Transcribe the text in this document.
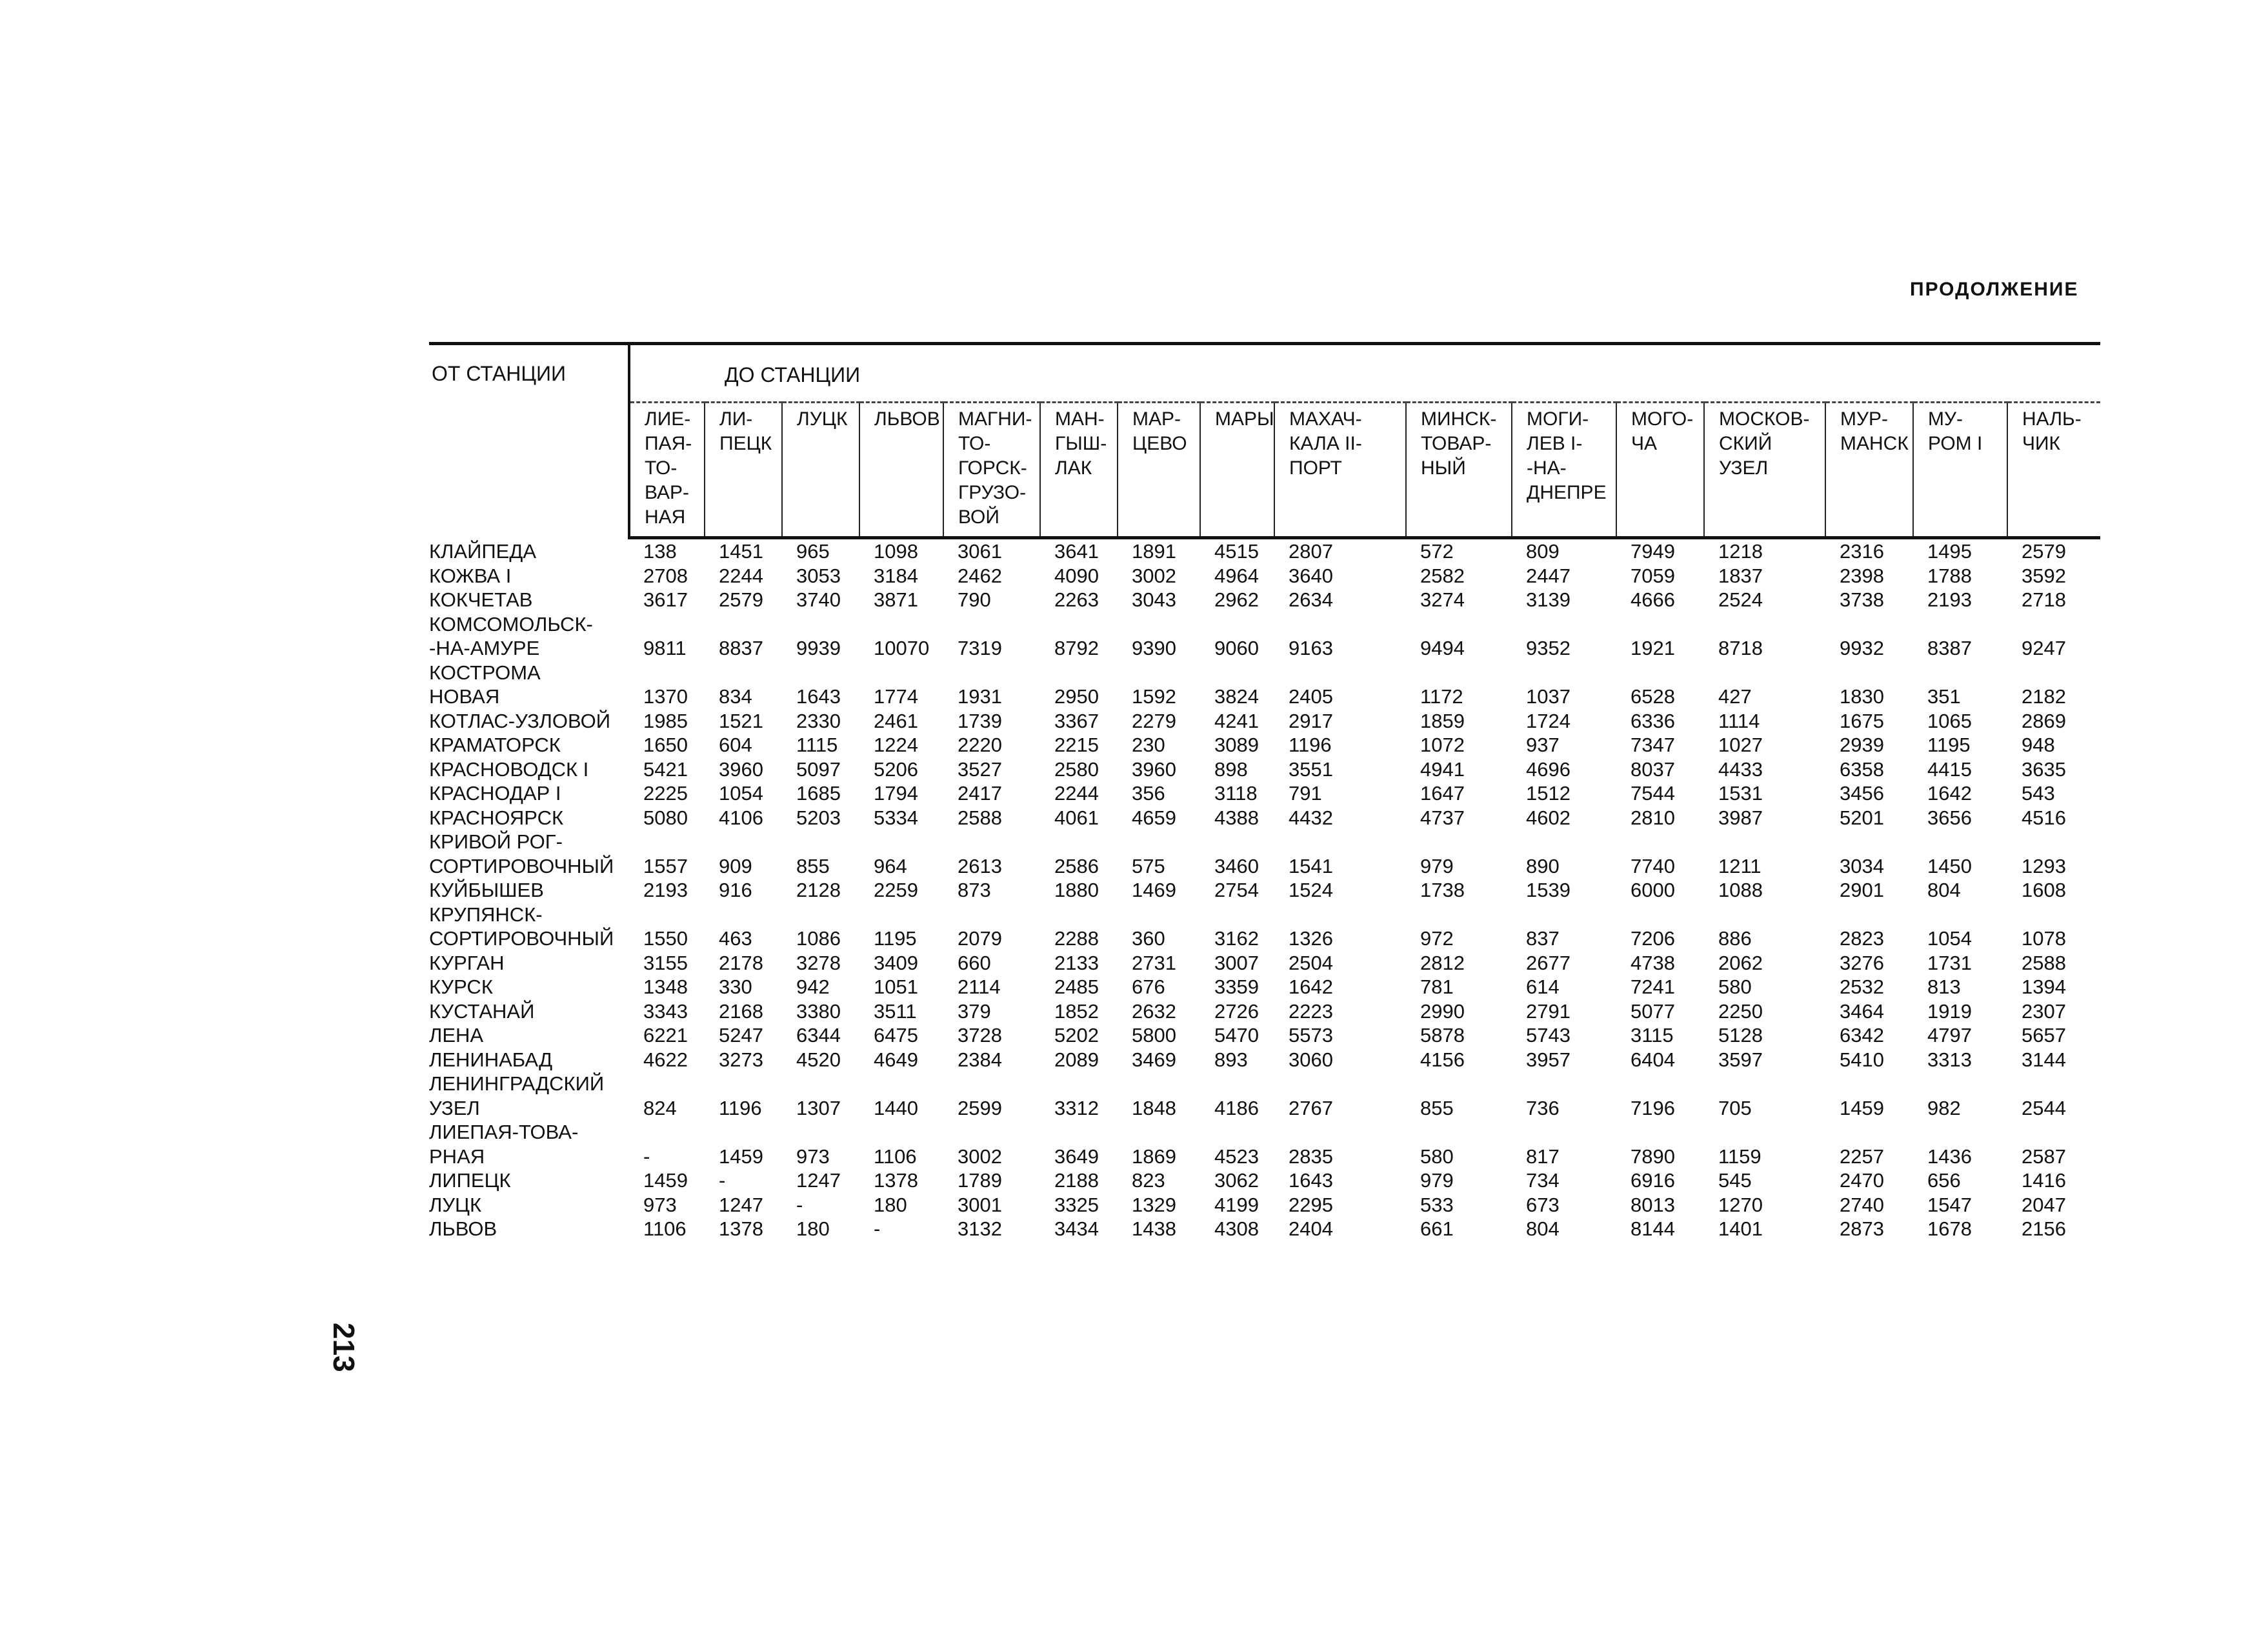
ПРОДОЛЖЕНИЕ
213
ОТ СТАНЦИИ	ДО СТАНЦИИ															
	ЛИЕ-
ПАЯ-
ТО-
ВАР-
НАЯ	ЛИ-
ПЕЦК	ЛУЦК	ЛЬВОВ	МАГНИ-
ТО-
ГОРСК-
ГРУЗО-
ВОЙ	МАН-
ГЫШ-
ЛАК	МАР-
ЦЕВО	МАРЫ	МАХАЧ-
КАЛА II-
ПОРТ	МИНСК-
ТОВАР-
НЫЙ	МОГИ-
ЛЕВ I-
-НА-
ДНЕПРЕ	МОГО-
ЧА	МОСКОВ-
СКИЙ
УЗЕЛ	МУР-
МАНСК	МУ-
РОМ I	НАЛЬ-
ЧИК
КЛАЙПЕДА	138	1451	965	1098	3061	3641	1891	4515	2807	572	809	7949	1218	2316	1495	2579
КОЖВА I	2708	2244	3053	3184	2462	4090	3002	4964	3640	2582	2447	7059	1837	2398	1788	3592
КОКЧЕТАВ	3617	2579	3740	3871	790	2263	3043	2962	2634	3274	3139	4666	2524	3738	2193	2718
КОМСОМОЛЬСК-																
-НА-АМУРЕ	9811	8837	9939	10070	7319	8792	9390	9060	9163	9494	9352	1921	8718	9932	8387	9247
КОСТРОМА																
НОВАЯ	1370	834	1643	1774	1931	2950	1592	3824	2405	1172	1037	6528	427	1830	351	2182
КОТЛАС-УЗЛОВОЙ	1985	1521	2330	2461	1739	3367	2279	4241	2917	1859	1724	6336	1114	1675	1065	2869
КРАМАТОРСК	1650	604	1115	1224	2220	2215	230	3089	1196	1072	937	7347	1027	2939	1195	948
КРАСНОВОДСК I	5421	3960	5097	5206	3527	2580	3960	898	3551	4941	4696	8037	4433	6358	4415	3635
КРАСНОДАР I	2225	1054	1685	1794	2417	2244	356	3118	791	1647	1512	7544	1531	3456	1642	543
КРАСНОЯРСК	5080	4106	5203	5334	2588	4061	4659	4388	4432	4737	4602	2810	3987	5201	3656	4516
КРИВОЙ РОГ-																
СОРТИРОВОЧНЫЙ	1557	909	855	964	2613	2586	575	3460	1541	979	890	7740	1211	3034	1450	1293
КУЙБЫШЕВ	2193	916	2128	2259	873	1880	1469	2754	1524	1738	1539	6000	1088	2901	804	1608
КРУПЯНСК-																
СОРТИРОВОЧНЫЙ	1550	463	1086	1195	2079	2288	360	3162	1326	972	837	7206	886	2823	1054	1078
КУРГАН	3155	2178	3278	3409	660	2133	2731	3007	2504	2812	2677	4738	2062	3276	1731	2588
КУРСК	1348	330	942	1051	2114	2485	676	3359	1642	781	614	7241	580	2532	813	1394
КУСТАНАЙ	3343	2168	3380	3511	379	1852	2632	2726	2223	2990	2791	5077	2250	3464	1919	2307
ЛЕНА	6221	5247	6344	6475	3728	5202	5800	5470	5573	5878	5743	3115	5128	6342	4797	5657
ЛЕНИНАБАД	4622	3273	4520	4649	2384	2089	3469	893	3060	4156	3957	6404	3597	5410	3313	3144
ЛЕНИНГРАДСКИЙ																
УЗЕЛ	824	1196	1307	1440	2599	3312	1848	4186	2767	855	736	7196	705	1459	982	2544
ЛИЕПАЯ-ТОВА-																
РНАЯ	-	1459	973	1106	3002	3649	1869	4523	2835	580	817	7890	1159	2257	1436	2587
ЛИПЕЦК	1459	-	1247	1378	1789	2188	823	3062	1643	979	734	6916	545	2470	656	1416
ЛУЦК	973	1247	-	180	3001	3325	1329	4199	2295	533	673	8013	1270	2740	1547	2047
ЛЬВОВ	1106	1378	180	-	3132	3434	1438	4308	2404	661	804	8144	1401	2873	1678	2156
